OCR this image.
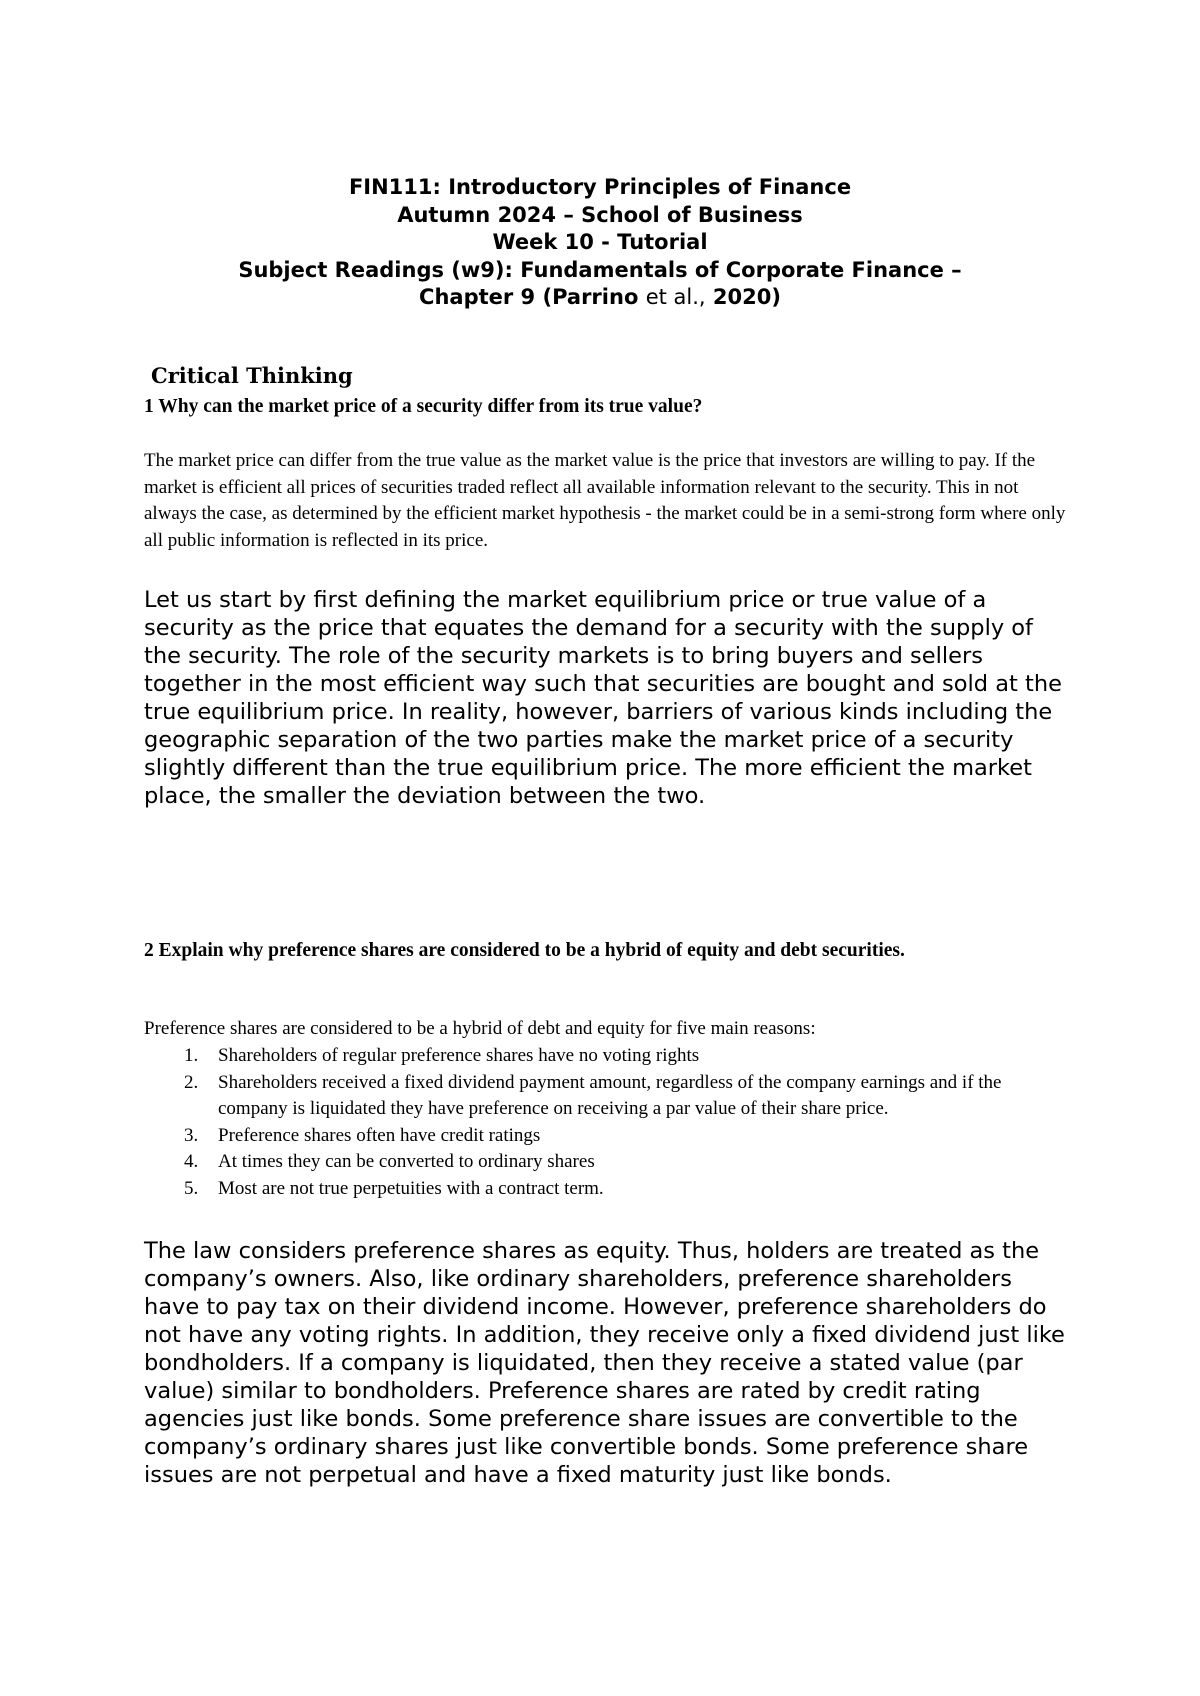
FIN111: Introductory Principles of Finance
Autumn 2024 – School of Business
Week 10 - Tutorial
Subject Readings (w9): Fundamentals of Corporate Finance –
Chapter 9 (Parrino et al., 2020)
Critical Thinking

1 Why can the market price of a security differ from its true value?

The market price can differ from the true value as the market value is the price that investors are willing to pay. If the market is efficient all prices of securities traded reflect all available information relevant to the security. This in not always the case, as determined by the efficient market hypothesis - the market could be in a semi-strong form where only all public information is reflected in its price.

Let us start by first defining the market equilibrium price or true value of a security as the price that equates the demand for a security with the supply of the security. The role of the security markets is to bring buyers and sellers together in the most efficient way such that securities are bought and sold at the true equilibrium price. In reality, however, barriers of various kinds including the geographic separation of the two parties make the market price of a security slightly different than the true equilibrium price. The more efficient the market place, the smaller the deviation between the two.

2 Explain why preference shares are considered to be a hybrid of equity and debt securities.

Preference shares are considered to be a hybrid of debt and equity for five main reasons:

1. Shareholders of regular preference shares have no voting rights
2. Shareholders received a fixed dividend payment amount, regardless of the company earnings and if the company is liquidated they have preference on receiving a par value of their share price.
3. Preference shares often have credit ratings
4. At times they can be converted to ordinary shares
5. Most are not true perpetuities with a contract term.

The law considers preference shares as equity. Thus, holders are treated as the company’s owners. Also, like ordinary shareholders, preference shareholders have to pay tax on their dividend income. However, preference shareholders do not have any voting rights. In addition, they receive only a fixed dividend just like bondholders. If a company is liquidated, then they receive a stated value (par value) similar to bondholders. Preference shares are rated by credit rating agencies just like bonds. Some preference share issues are convertible to the company’s ordinary shares just like convertible bonds. Some preference share issues are not perpetual and have a fixed maturity just like bonds.
